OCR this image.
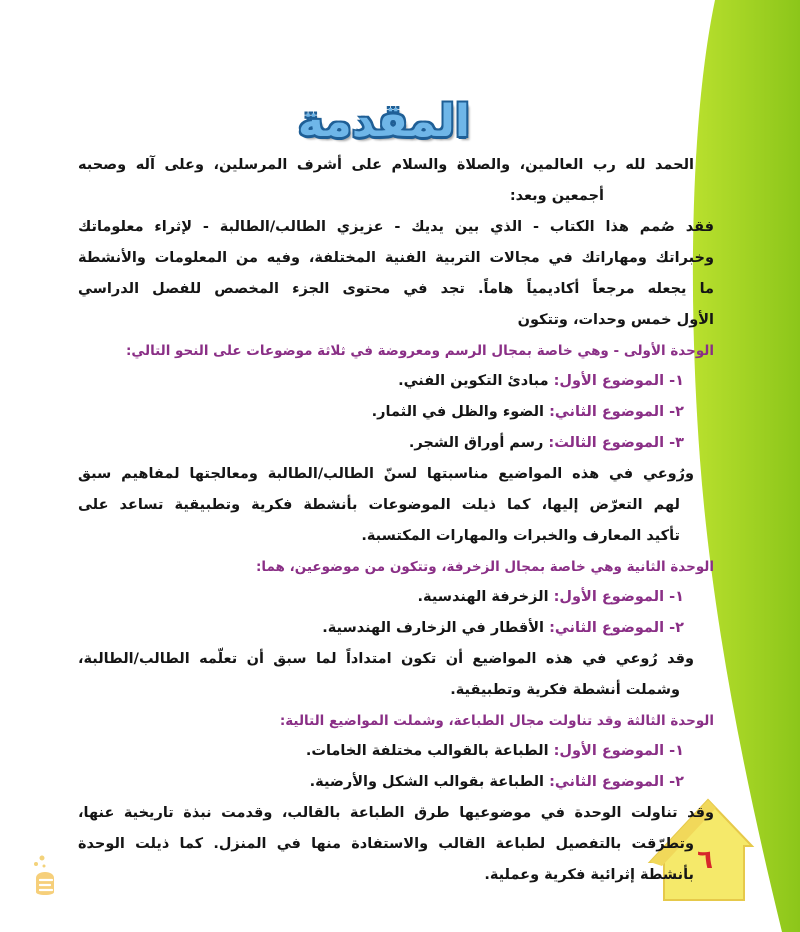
المقدمة

الحمد لله رب العالمين، والصلاة والسلام على أشرف المرسلين، وعلى آله وصحبه

أجمعين وبعد:

فقد صُمم هذا الكتاب - الذي بين يديك - عزيزي الطالب/الطالبة - لإثراء معلوماتك

وخبراتك ومهاراتك في مجالات التربية الفنية المختلفة، وفيه من المعلومات والأنشطة

ما يجعله مرجعاً أكاديمياً هاماً. تجد في محتوى الجزء المخصص للفصل الدراسي

الأول خمس وحدات، وتتكون

الوحدة الأولى - وهي خاصة بمجال الرسم ومعروضة في ثلاثة موضوعات على النحو التالي:

١- الموضوع الأول: مبادئ التكوين الفني.

٢- الموضوع الثاني: الضوء والظل في الثمار.

٣- الموضوع الثالث: رسم أوراق الشجر.

ورُوعي في هذه المواضيع مناسبتها لسنّ الطالب/الطالبة ومعالجتها لمفاهيم سبق

لهم التعرّض إليها، كما ذيلت الموضوعات بأنشطة فكرية وتطبيقية تساعد على

تأكيد المعارف والخبرات والمهارات المكتسبة.

الوحدة الثانية وهي خاصة بمجال الزخرفة، وتتكون من موضوعين، هما:

١- الموضوع الأول: الزخرفة الهندسية.

٢- الموضوع الثاني: الأقطار في الزخارف الهندسية.

وقد رُوعي في هذه المواضيع أن تكون امتداداً لما سبق أن تعلّمه الطالب/الطالبة،

وشملت أنشطة فكرية وتطبيقية.

الوحدة الثالثة وقد تناولت مجال الطباعة، وشملت المواضيع التالية:

١- الموضوع الأول: الطباعة بالقوالب مختلفة الخامات.

٢- الموضوع الثاني: الطباعة بقوالب الشكل والأرضية.

وقد تناولت الوحدة في موضوعيها طرق الطباعة بالقالب، وقدمت نبذة تاريخية عنها،

وتطرّقت بالتفصيل لطباعة القالب والاستفادة منها في المنزل. كما ذيلت الوحدة

بأنشطة إثرائية فكرية وعملية. ٦
